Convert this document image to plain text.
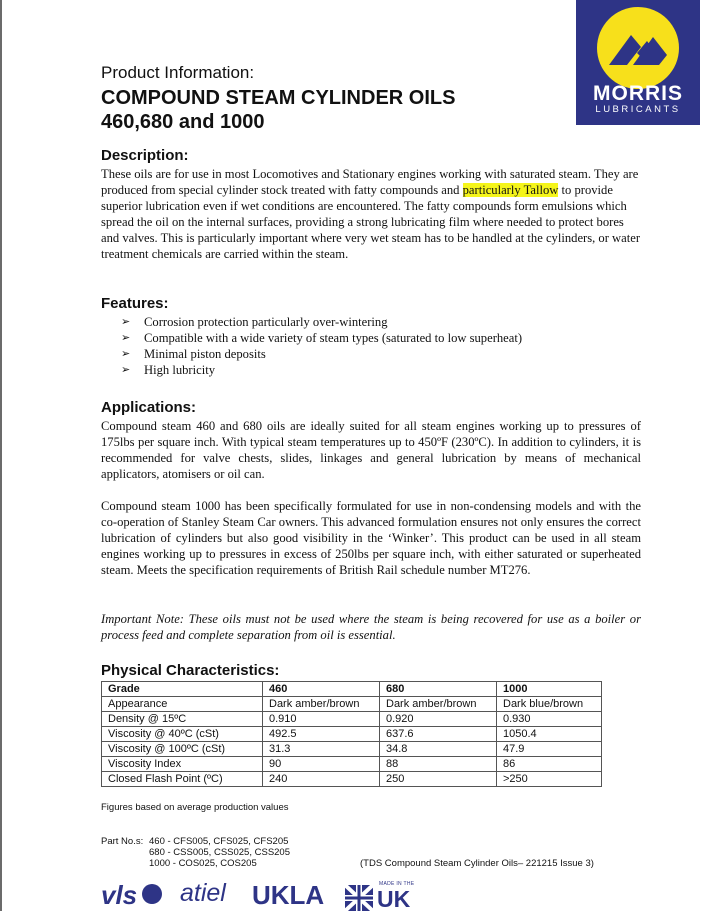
MORRIS
LUBRICANTS
Product Information:
COMPOUND STEAM CYLINDER OILS
460,680 and 1000
Description:
These oils are for use in most Locomotives and Stationary engines working with saturated steam. They are produced from special cylinder stock treated with fatty compounds and particularly Tallow to provide superior lubrication even if wet conditions are encountered. The fatty compounds form emulsions which spread the oil on the internal surfaces, providing a strong lubricating film where needed to protect bores and valves. This is particularly important where very wet steam has to be handled at the cylinders, or water treatment chemicals are carried within the steam.
Features:
➢ Corrosion protection particularly over-wintering
➢ Compatible with a wide variety of steam types (saturated to low superheat)
➢ Minimal piston deposits
➢ High lubricity
Applications:
Compound steam 460 and 680 oils are ideally suited for all steam engines working up to pressures of 175lbs per square inch. With typical steam temperatures up to 450ºF (230ºC). In addition to cylinders, it is recommended for valve chests, slides, linkages and general lubrication by means of mechanical applicators, atomisers or oil can.
Compound steam 1000 has been specifically formulated for use in non-condensing models and with the co-operation of Stanley Steam Car owners. This advanced formulation ensures not only ensures the correct lubrication of cylinders but also good visibility in the ‘Winker’. This product can be used in all steam engines working up to pressures in excess of 250lbs per square inch, with either saturated or superheated steam. Meets the specification requirements of British Rail schedule number MT276.
Important Note: These oils must not be used where the steam is being recovered for use as a boiler or process feed and complete separation from oil is essential.
Physical Characteristics:
Grade	460	680	1000
Appearance	Dark amber/brown	Dark amber/brown	Dark blue/brown
Density @ 15ºC	0.910	0.920	0.930
Viscosity @ 40ºC (cSt)	492.5	637.6	1050.4
Viscosity @ 100ºC (cSt)	31.3	34.8	47.9
Viscosity Index	90	88	86
Closed Flash Point (ºC)	240	250	>250
Figures based on average production values
Part No.s: 460 - CFS005, CFS025, CFS205
680 - CSS005, CSS025, CSS205
1000 - COS025, COS205	(TDS Compound Steam Cylinder Oils– 221215 Issue 3)
vls atiel UKLA	MADE IN THE
UK
